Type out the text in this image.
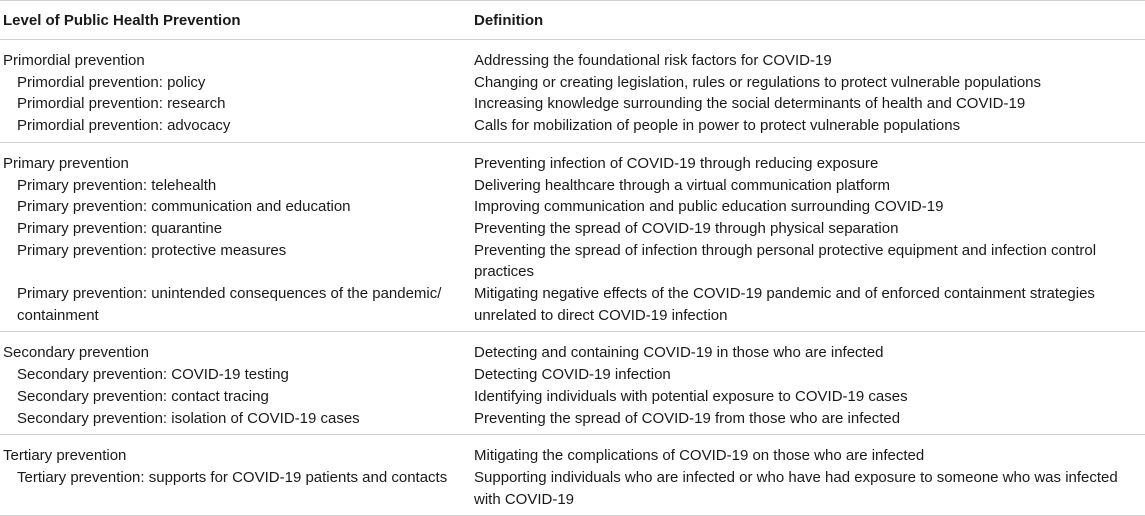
Level of Public Health Prevention	Definition
Primordial prevention	Addressing the foundational risk factors for COVID-19
Primordial prevention: policy	Changing or creating legislation, rules or regulations to protect vulnerable populations
Primordial prevention: research	Increasing knowledge surrounding the social determinants of health and COVID-19
Primordial prevention: advocacy	Calls for mobilization of people in power to protect vulnerable populations
Primary prevention	Preventing infection of COVID-19 through reducing exposure
Primary prevention: telehealth	Delivering healthcare through a virtual communication platform
Primary prevention: communication and education	Improving communication and public education surrounding COVID-19
Primary prevention: quarantine	Preventing the spread of COVID-19 through physical separation
Primary prevention: protective measures	Preventing the spread of infection through personal protective equipment and infection control practices
Primary prevention: unintended consequences of the pandemic/ containment	Mitigating negative effects of the COVID-19 pandemic and of enforced containment strategies unrelated to direct COVID-19 infection
Secondary prevention	Detecting and containing COVID-19 in those who are infected
Secondary prevention: COVID-19 testing	Detecting COVID-19 infection
Secondary prevention: contact tracing	Identifying individuals with potential exposure to COVID-19 cases
Secondary prevention: isolation of COVID-19 cases	Preventing the spread of COVID-19 from those who are infected
Tertiary prevention	Mitigating the complications of COVID-19 on those who are infected
Tertiary prevention: supports for COVID-19 patients and contacts	Supporting individuals who are infected or who have had exposure to someone who was infected with COVID-19
